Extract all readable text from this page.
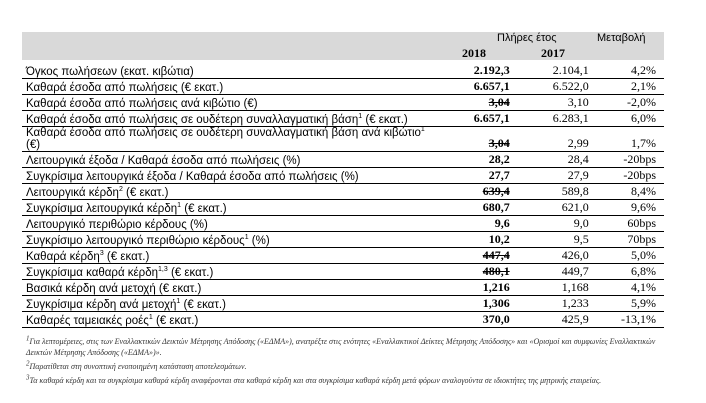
Πλήρες έτος	Μεταβολή
2018	2017
Όγκος πωλήσεων (εκατ. κιβώτια)	2.192,3	2.104,1	4,2%
Καθαρά έσοδα από πωλήσεις (€ εκατ.)	6.657,1	6.522,0	2,1%
Καθαρά έσοδα από πωλήσεις ανά κιβώτιο (€)	3,04	3,10	-2,0%
Καθαρά έσοδα από πωλήσεις σε ουδέτερη συναλλαγματική βάση$^1$ (€ εκατ.)	6.657,1	6.283,1	6,0%
Καθαρά έσοδα από πωλήσεις σε ουδέτερη συναλλαγματική βάση ανά κιβώτιο$^1$ (€)	3,04	2,99	1,7%
Λειτουργικά έξοδα / Καθαρά έσοδα από πωλήσεις (%)	28,2	28,4	-20bps
Συγκρίσιμα λειτουργικά έξοδα / Καθαρά έσοδα από πωλήσεις (%)	27,7	27,9	-20bps
Λειτουργικά κέρδη$^2$ (€ εκατ.)	639,4	589,8	8,4%
Συγκρίσιμα λειτουργικά κέρδη$^1$ (€ εκατ.)	680,7	621,0	9,6%
Λειτουργικό περιθώριο κέρδους (%)	9,6	9,0	60bps
Συγκρίσιμο λειτουργικό περιθώριο κέρδους$^1$ (%)	10,2	9,5	70bps
Καθαρά κέρδη$^3$ (€ εκατ.)	447,4	426,0	5,0%
Συγκρίσιμα καθαρά κέρδη$^{1,3}$ (€ εκατ.)	480,1	449,7	6,8%
Βασικά κέρδη ανά μετοχή (€ εκατ.)	1,216	1,168	4,1%
Συγκρίσιμα κέρδη ανά μετοχή$^1$ (€ εκατ.)	1,306	1,233	5,9%
Καθαρές ταμειακές ροές$^1$ (€ εκατ.)	370,0	425,9	-13,1%

$^1$Για λεπτομέρειες, στις των Εναλλακτικών Δεικτών Μέτρησης Απόδοσης («ΕΔΜΑ»), ανατρέξτε στις ενότητες «Εναλλακτικοί Δείκτες Μέτρησης Απόδοσης» και «Ορισμοί και συμφωνίες Εναλλακτικών Δεικτών Μέτρησης Απόδοσης («ΕΔΜΑ»)».

$^2$Παρατίθεται στη συνοπτική ενοποιημένη κατάσταση αποτελεσμάτων.

$^3$Τα καθαρά κέρδη και τα συγκρίσιμα καθαρά κέρδη αναφέρονται στα καθαρά κέρδη και στα συγκρίσιμα καθαρά κέρδη μετά φόρων αναλογούντα σε ιδιοκτήτες της μητρικής εταιρείας.
